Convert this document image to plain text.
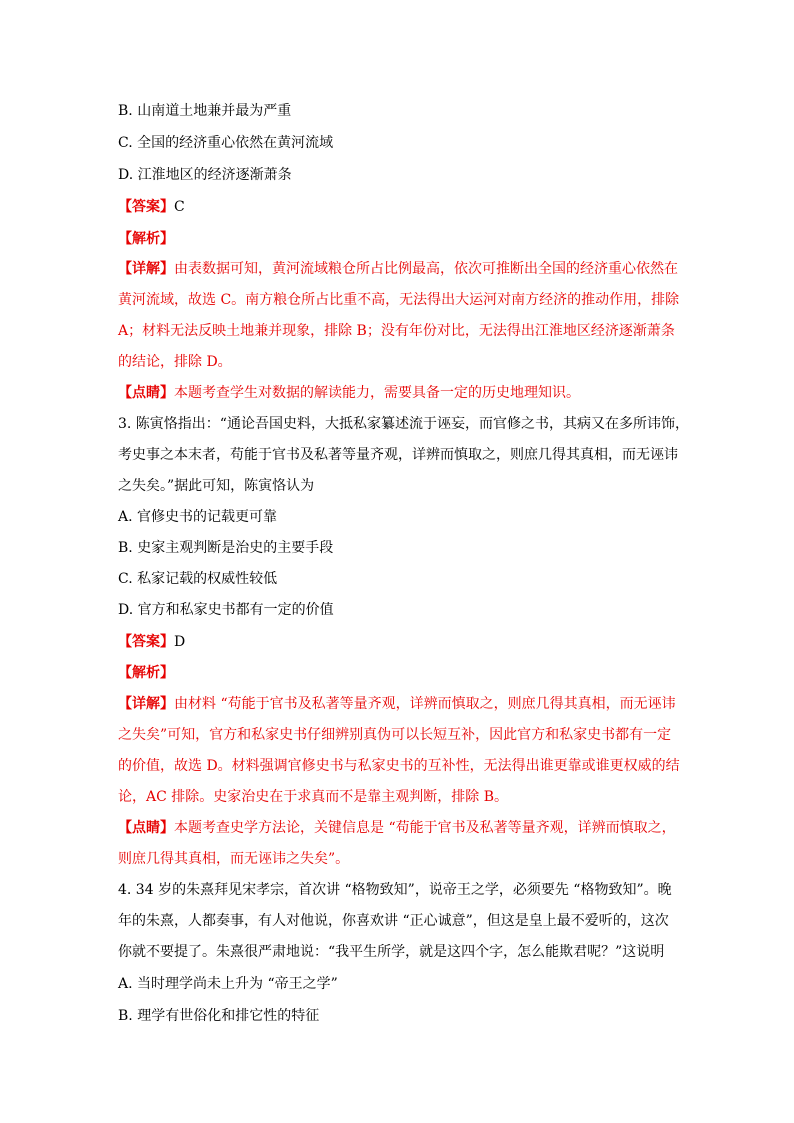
B. 山南道土地兼并最为严重
C. 全国的经济重心依然在黄河流域
D. 江淮地区的经济逐渐萧条
【答案】C
【解析】
【详解】由表数据可知，黄河流域粮仓所占比例最高，依次可推断出全国的经济重心依然在
黄河流域，故选 C。南方粮仓所占比重不高，无法得出大运河对南方经济的推动作用，排除
A；材料无法反映土地兼并现象，排除 B；没有年份对比，无法得出江淮地区经济逐渐萧条
的结论，排除 D。
【点睛】本题考查学生对数据的解读能力，需要具备一定的历史地理知识。
3. 陈寅恪指出：“通论吾国史料，大抵私家纂述流于诬妄，而官修之书，其病又在多所讳饰，
考史事之本末者，苟能于官书及私著等量齐观，详辨而慎取之，则庶几得其真相，而无诬讳
之失矣。”据此可知，陈寅恪认为
A. 官修史书的记载更可靠
B. 史家主观判断是治史的主要手段
C. 私家记载的权威性较低
D. 官方和私家史书都有一定的价值
【答案】D
【解析】
【详解】由材料 “苟能于官书及私著等量齐观，详辨而慎取之，则庶几得其真相，而无诬讳
之失矣”可知，官方和私家史书仔细辨别真伪可以长短互补，因此官方和私家史书都有一定
的价值，故选 D。材料强调官修史书与私家史书的互补性，无法得出谁更靠或谁更权威的结
论，AC 排除。史家治史在于求真而不是靠主观判断，排除 B。
【点睛】本题考查史学方法论，关键信息是 “苟能于官书及私著等量齐观，详辨而慎取之，
则庶几得其真相，而无诬讳之失矣”。
4. 34 岁的朱熹拜见宋孝宗，首次讲 “格物致知”，说帝王之学，必须要先 “格物致知”。晚
年的朱熹，人都奏事，有人对他说，你喜欢讲 “正心诚意”，但这是皇上最不爱听的，这次
你就不要提了。朱熹很严肃地说：“我平生所学，就是这四个字，怎么能欺君呢？”这说明
A. 当时理学尚未上升为 “帝王之学”
B. 理学有世俗化和排它性的特征
